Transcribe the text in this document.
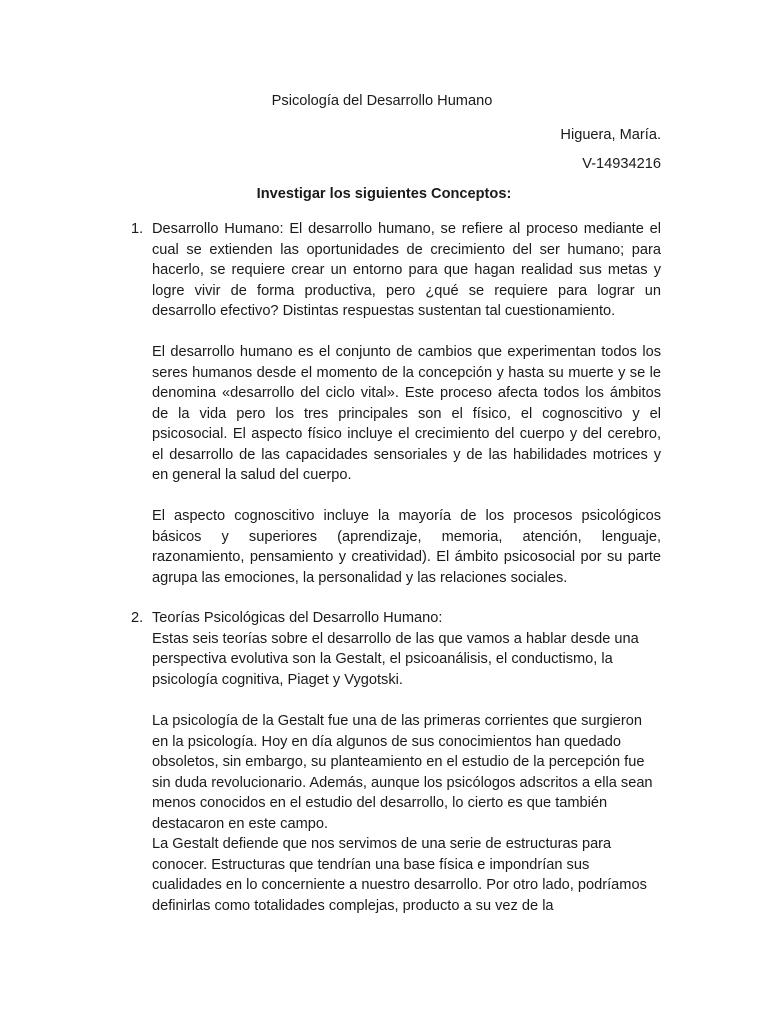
Psicología del Desarrollo Humano

Higuera, María.

V-14934216

Investigar los siguientes Conceptos:
1. Desarrollo Humano: El desarrollo humano, se refiere al proceso mediante el cual se extienden las oportunidades de crecimiento del ser humano; para hacerlo, se requiere crear un entorno para que hagan realidad sus metas y logre vivir de forma productiva, pero ¿qué se requiere para lograr un desarrollo efectivo? Distintas respuestas sustentan tal cuestionamiento.

El desarrollo humano es el conjunto de cambios que experimentan todos los seres humanos desde el momento de la concepción y hasta su muerte y se le denomina «desarrollo del ciclo vital». Este proceso afecta todos los ámbitos de la vida pero los tres principales son el físico, el cognoscitivo y el psicosocial. El aspecto físico incluye el crecimiento del cuerpo y del cerebro, el desarrollo de las capacidades sensoriales y de las habilidades motrices y en general la salud del cuerpo.

El aspecto cognoscitivo incluye la mayoría de los procesos psicológicos básicos y superiores (aprendizaje, memoria, atención, lenguaje, razonamiento, pensamiento y creatividad). El ámbito psicosocial por su parte agrupa las emociones, la personalidad y las relaciones sociales.

2. Teorías Psicológicas del Desarrollo Humano:

Estas seis teorías sobre el desarrollo de las que vamos a hablar desde una perspectiva evolutiva son la Gestalt, el psicoanálisis, el conductismo, la psicología cognitiva, Piaget y Vygotski.

La psicología de la Gestalt fue una de las primeras corrientes que surgieron en la psicología. Hoy en día algunos de sus conocimientos han quedado obsoletos, sin embargo, su planteamiento en el estudio de la percepción fue sin duda revolucionario. Además, aunque los psicólogos adscritos a ella sean menos conocidos en el estudio del desarrollo, lo cierto es que también destacaron en este campo.

La Gestalt defiende que nos servimos de una serie de estructuras para conocer. Estructuras que tendrían una base física e impondrían sus cualidades en lo concerniente a nuestro desarrollo. Por otro lado, podríamos definirlas como totalidades complejas, producto a su vez de la
